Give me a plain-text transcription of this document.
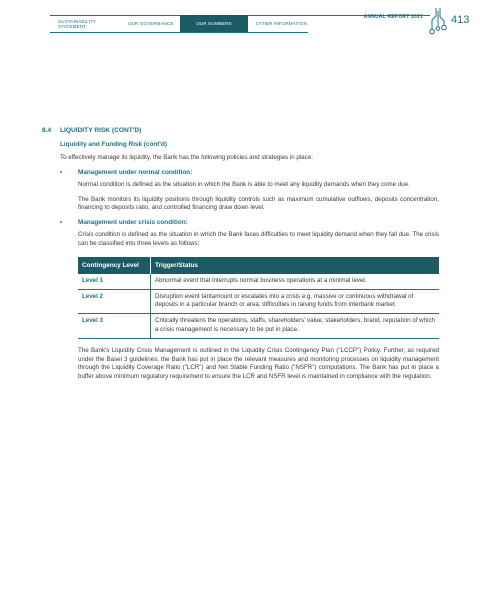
SUSTAINABILITY STATEMENT	OUR GOVERNANCE	OUR NUMBERS	OTHER INFORMATION
ANNUAL REPORT 2021	413
8.4 LIQUIDITY RISK (CONT'D)
Liquidity and Funding Risk (cont'd)

To effectively manage its liquidity, the Bank has the following policies and strategies in place:

•	Management under normal condition:

Normal condition is defined as the situation in which the Bank is able to meet any liquidity demands when they come due.

The Bank monitors its liquidity positions through liquidity controls such as maximum cumulative outflows, deposits concentration, financing to deposits ratio, and controlled financing draw down level.

•	Management under crisis condition:

Crisis condition is defined as the situation in which the Bank faces difficulties to meet liquidity demand when they fall due. The crisis can be classified into three levels as follows:

Contingency Level	Trigger/Status
Level 1	Abnormal event that interrupts normal business operations at a minimal level.
Level 2	Disruption event tantamount or escalates into a crisis e.g. massive or continuous withdrawal of deposits in a particular branch or area, difficulties in raising funds from interbank market.
Level 3	Critically threatens the operations, staffs, shareholders' value, stakeholders, brand, reputation of which a crisis management is necessary to be put in place.

The Bank's Liquidity Crisis Management is outlined in the Liquidity Crisis Contingency Plan ("LCCP") Policy. Further, as required under the Basel 3 guidelines, the Bank has put in place the relevant measures and monitoring processes on liquidity management through the Liquidity Coverage Ratio ("LCR") and Net Stable Funding Ratio ("NSFR") computations. The Bank has put in place a buffer above minimum regulatory requirement to ensure the LCR and NSFR level is maintained in compliance with the regulation.
